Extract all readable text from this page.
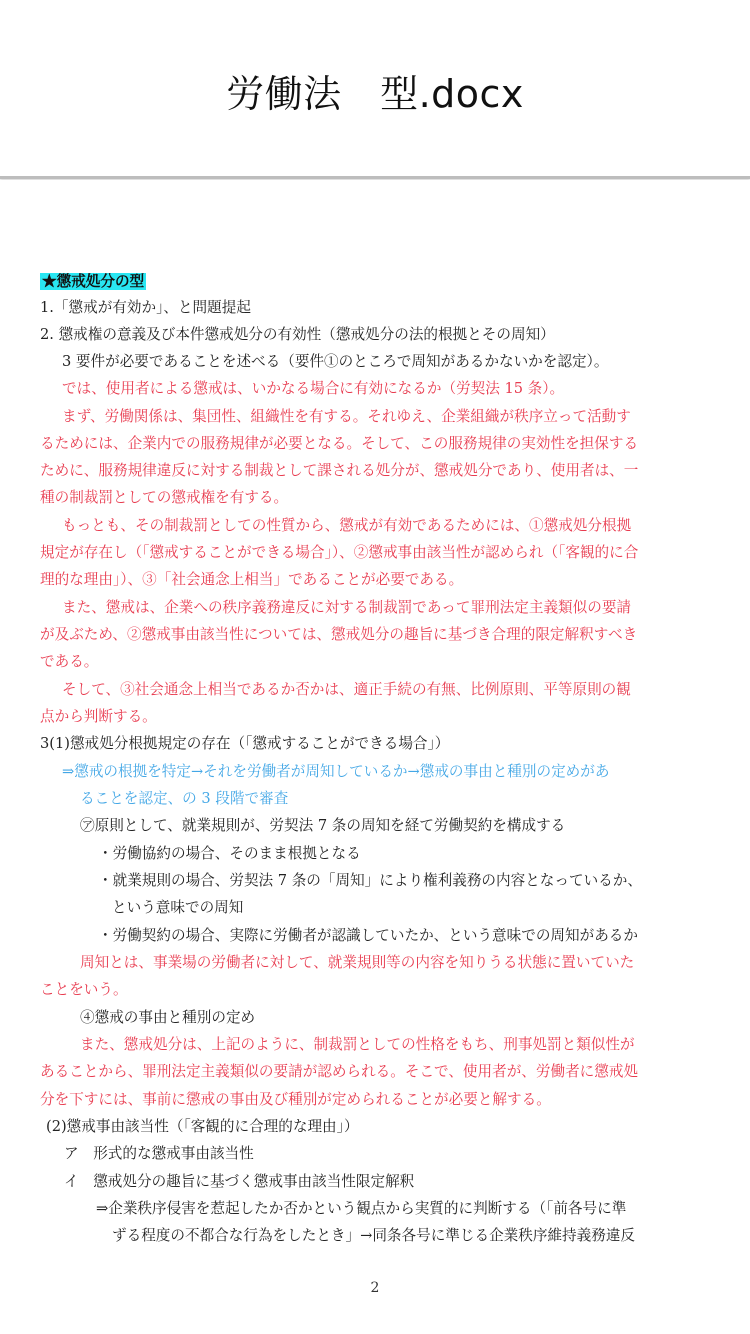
労働法　型.docx
★懲戒処分の型
1.「懲戒が有効か」、と問題提起
2. 懲戒権の意義及び本件懲戒処分の有効性（懲戒処分の法的根拠とその周知）
3 要件が必要であることを述べる（要件①のところで周知があるかないかを認定）。
では、使用者による懲戒は、いかなる場合に有効になるか（労契法 15 条）。
まず、労働関係は、集団性、組織性を有する。それゆえ、企業組織が秩序立って活動す
るためには、企業内での服務規律が必要となる。そして、この服務規律の実効性を担保する
ために、服務規律違反に対する制裁として課される処分が、懲戒処分であり、使用者は、一
種の制裁罰としての懲戒権を有する。
もっとも、その制裁罰としての性質から、懲戒が有効であるためには、①懲戒処分根拠
規定が存在し（「懲戒することができる場合」）、②懲戒事由該当性が認められ（「客観的に合
理的な理由」）、③「社会通念上相当」であることが必要である。
また、懲戒は、企業への秩序義務違反に対する制裁罰であって罪刑法定主義類似の要請
が及ぶため、②懲戒事由該当性については、懲戒処分の趣旨に基づき合理的限定解釈すべき
である。
そして、③社会通念上相当であるか否かは、適正手続の有無、比例原則、平等原則の観
点から判断する。
3(1)懲戒処分根拠規定の存在（「懲戒することができる場合」）
⇒懲戒の根拠を特定→それを労働者が周知しているか→懲戒の事由と種別の定めがあ
ることを認定、の 3 段階で審査
㋐原則として、就業規則が、労契法 7 条の周知を経て労働契約を構成する
・労働協約の場合、そのまま根拠となる
・就業規則の場合、労契法 7 条の「周知」により権利義務の内容となっているか、
という意味での周知
・労働契約の場合、実際に労働者が認識していたか、という意味での周知があるか
周知とは、事業場の労働者に対して、就業規則等の内容を知りうる状態に置いていた
ことをいう。
④懲戒の事由と種別の定め
また、懲戒処分は、上記のように、制裁罰としての性格をもち、刑事処罰と類似性が
あることから、罪刑法定主義類似の要請が認められる。そこで、使用者が、労働者に懲戒処
分を下すには、事前に懲戒の事由及び種別が定められることが必要と解する。
(2)懲戒事由該当性（「客観的に合理的な理由」）
ア　形式的な懲戒事由該当性
イ　懲戒処分の趣旨に基づく懲戒事由該当性限定解釈
⇒企業秩序侵害を惹起したか否かという観点から実質的に判断する（「前各号に準
ずる程度の不都合な行為をしたとき」→同条各号に準じる企業秩序維持義務違反
2
